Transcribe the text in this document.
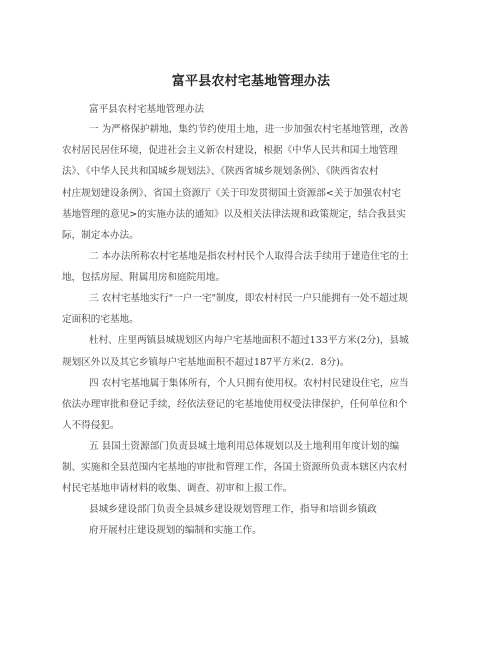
富平县农村宅基地管理办法
富平县农村宅基地管理办法
一 为严格保护耕地，集约节约使用土地，进一步加强农村宅基地管理，改善
农村居民居住环境，促进社会主义新农村建设，根据《中华人民共和国土地管理
法》、《中华人民共和国城乡规划法》、《陕西省城乡规划条例》、《陕西省农村
村庄规划建设条例》、省国土资源厅《关于印发贯彻国土资源部<关于加强农村宅
基地管理的意见>的实施办法的通知》以及相关法律法规和政策规定，结合我县实
际，制定本办法。
二 本办法所称农村宅基地是指农村村民个人取得合法手续用于建造住宅的土
地，包括房屋、附属用房和庭院用地。
三 农村宅基地实行"一户一宅"制度，即农村村民一户只能拥有一处不超过规
定面积的宅基地。
杜村、庄里两镇县城规划区内每户宅基地面积不超过133平方米(2分)，县城
规划区外以及其它乡镇每户宅基地面积不超过187平方米(2．8分)。
四 农村宅基地属于集体所有，个人只拥有使用权。农村村民建设住宅，应当
依法办理审批和登记手续，经依法登记的宅基地使用权受法律保护，任何单位和个
人不得侵犯。
五 县国土资源部门负责县城土地利用总体规划以及土地利用年度计划的编
制、实施和全县范围内宅基地的审批和管理工作，各国土资源所负责本辖区内农村
村民宅基地申请材料的收集、调查、初审和上报工作。
县城乡建设部门负责全县城乡建设规划管理工作，指导和培训乡镇政
府开展村庄建设规划的编制和实施工作。
